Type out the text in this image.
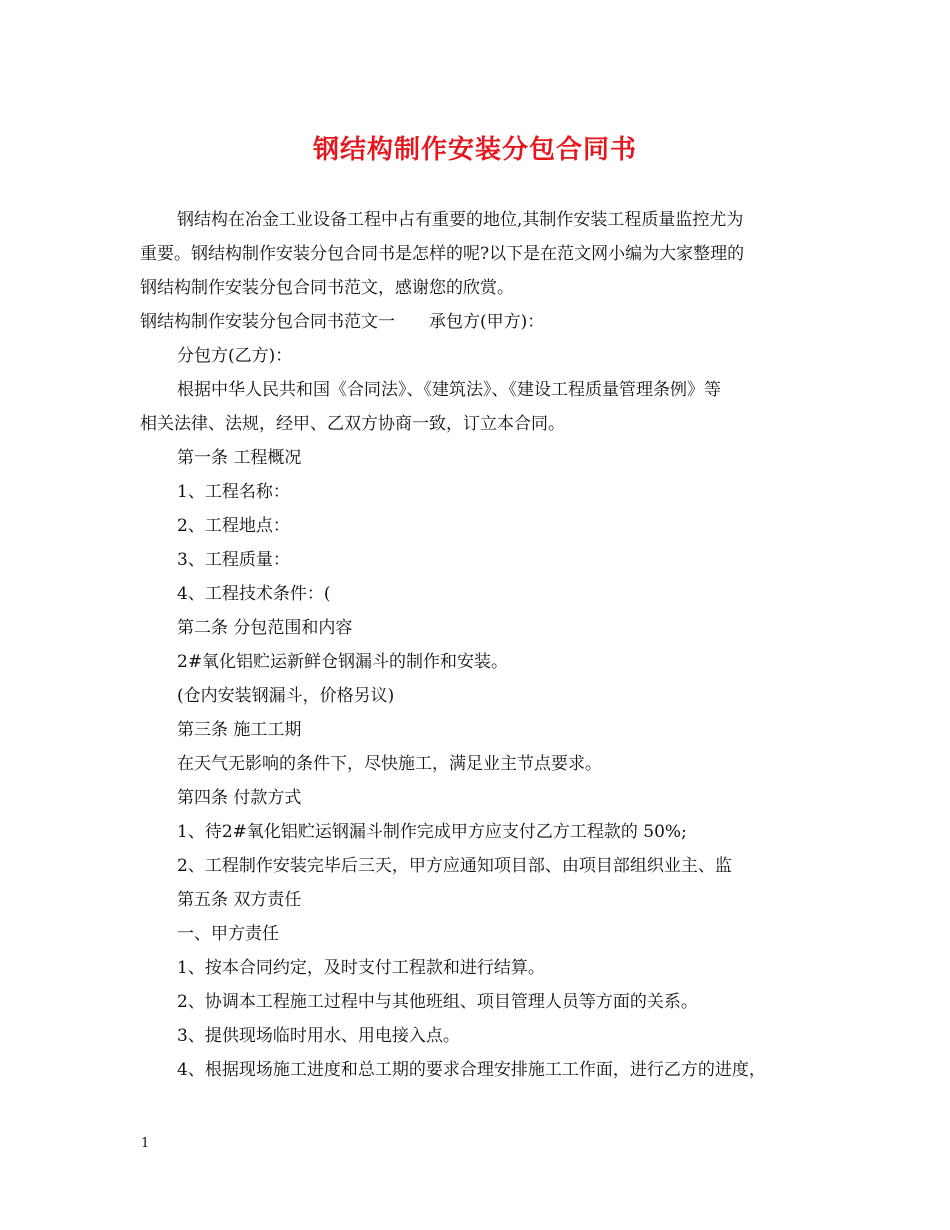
钢结构制作安装分包合同书
钢结构在冶金工业设备工程中占有重要的地位,其制作安装工程质量监控尤为
重要。钢结构制作安装分包合同书是怎样的呢?以下是在范文网小编为大家整理的
钢结构制作安装分包合同书范文，感谢您的欣赏。
钢结构制作安装分包合同书范文一　　承包方(甲方)：
分包方(乙方)：
根据中华人民共和国《合同法》、《建筑法》、《建设工程质量管理条例》等
相关法律、法规，经甲、乙双方协商一致，订立本合同。
第一条 工程概况
1、工程名称：
2、工程地点：
3、工程质量：
4、工程技术条件：(
第二条 分包范围和内容
2#氧化铝贮运新鲜仓钢漏斗的制作和安装。
(仓内安装钢漏斗，价格另议)
第三条 施工工期
在天气无影响的条件下，尽快施工，满足业主节点要求。
第四条 付款方式
1、待2#氧化铝贮运钢漏斗制作完成甲方应支付乙方工程款的 50%;
2、工程制作安装完毕后三天，甲方应通知项目部、由项目部组织业主、监
第五条 双方责任
一、甲方责任
1、按本合同约定，及时支付工程款和进行结算。
2、协调本工程施工过程中与其他班组、项目管理人员等方面的关系。
3、提供现场临时用水、用电接入点。
4、根据现场施工进度和总工期的要求合理安排施工工作面，进行乙方的进度，
1
